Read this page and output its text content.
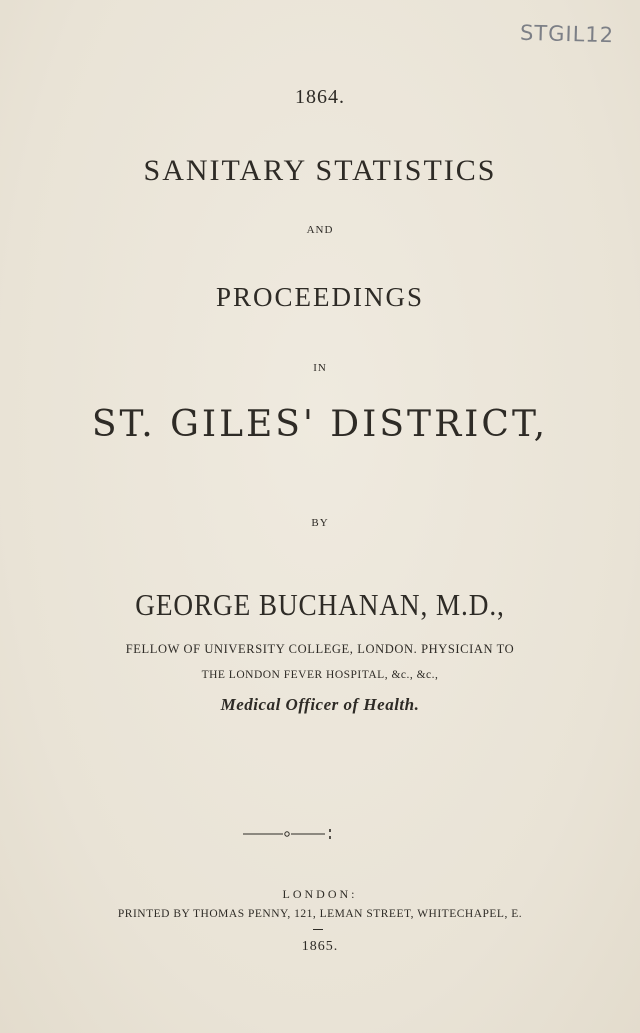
STGIL12
1864.
SANITARY STATISTICS
AND
PROCEEDINGS
IN
ST. GILES' DISTRICT,
BY
GEORGE BUCHANAN, M.D.,
FELLOW OF UNIVERSITY COLLEGE, LONDON. PHYSICIAN TO
THE LONDON FEVER HOSPITAL, &c., &c.,
Medical Officer of Health.
LONDON:
PRINTED BY THOMAS PENNY, 121, LEMAN STREET, WHITECHAPEL, E.
1865.
